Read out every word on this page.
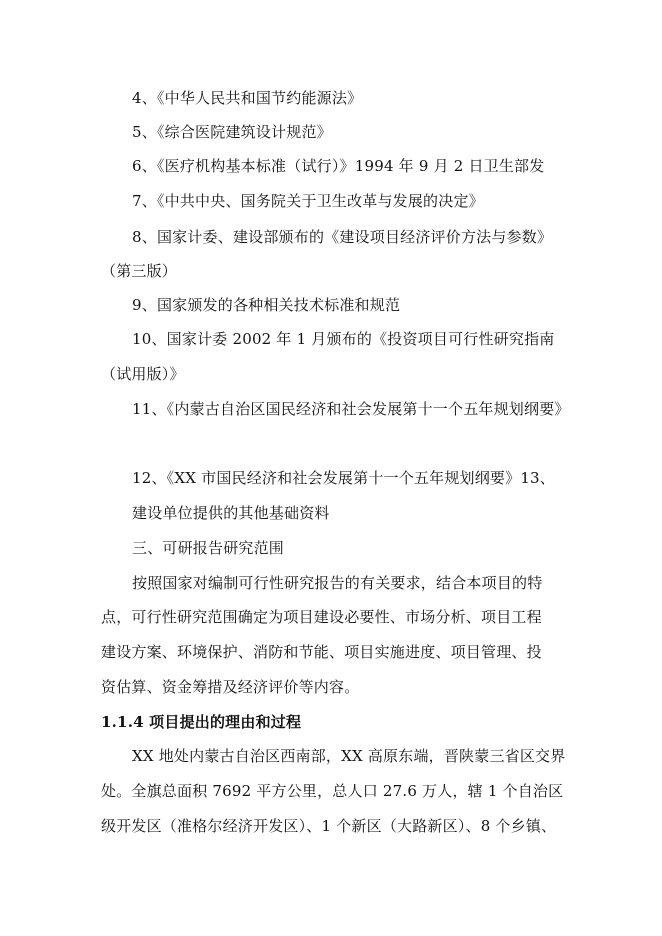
4、《中华人民共和国节约能源法》
5、《综合医院建筑设计规范》
6、《医疗机构基本标准（试行）》1994 年 9 月 2 日卫生部发
7、《中共中央、国务院关于卫生改革与发展的决定》
8、国家计委、建设部颁布的《建设项目经济评价方法与参数》
（第三版）
9、国家颁发的各种相关技术标准和规范
10、国家计委 2002 年 1 月颁布的《投资项目可行性研究指南
（试用版）》
11、《内蒙古自治区国民经济和社会发展第十一个五年规划纲要》
12、《XX 市国民经济和社会发展第十一个五年规划纲要》13、
建设单位提供的其他基础资料
三、可研报告研究范围
按照国家对编制可行性研究报告的有关要求，结合本项目的特
点，可行性研究范围确定为项目建设必要性、市场分析、项目工程
建设方案、环境保护、消防和节能、项目实施进度、项目管理、投
资估算、资金筹措及经济评价等内容。
1.1.4 项目提出的理由和过程
XX 地处内蒙古自治区西南部，XX 高原东端，晋陕蒙三省区交界
处。全旗总面积 7692 平方公里，总人口 27.6 万人，辖 1 个自治区
级开发区（准格尔经济开发区）、1 个新区（大路新区）、8 个乡镇、
